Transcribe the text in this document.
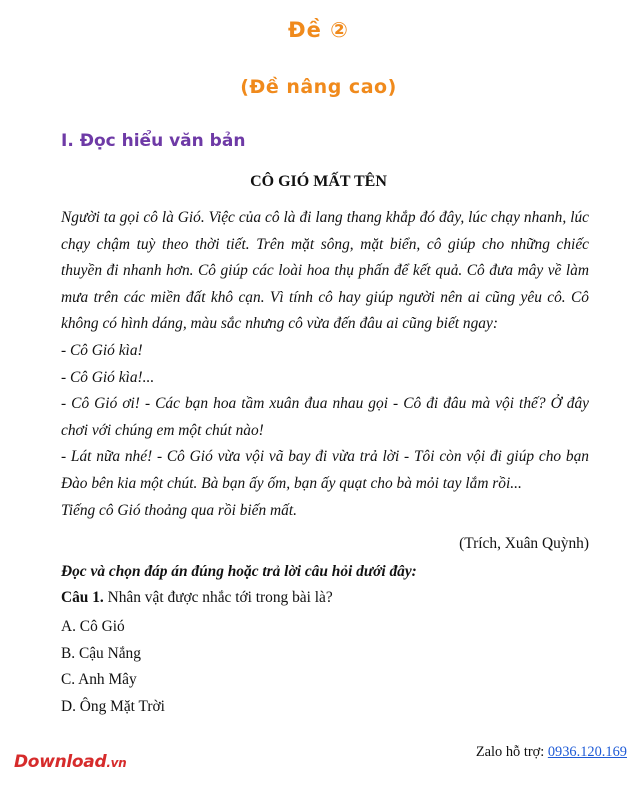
Đề ②
(Đề nâng cao)
I. Đọc hiểu văn bản
CÔ GIÓ MẤT TÊN

Người ta gọi cô là Gió. Việc của cô là đi lang thang khắp đó đây, lúc chạy nhanh, lúc chạy chậm tuỳ theo thời tiết. Trên mặt sông, mặt biển, cô giúp cho những chiếc thuyền đi nhanh hơn. Cô giúp các loài hoa thụ phấn để kết quả. Cô đưa mây về làm mưa trên các miền đất khô cạn. Vì tính cô hay giúp người nên ai cũng yêu cô. Cô không có hình dáng, màu sắc nhưng cô vừa đến đâu ai cũng biết ngay:

- Cô Gió kìa!

- Cô Gió kìa!...

- Cô Gió ơi! - Các bạn hoa tầm xuân đua nhau gọi - Cô đi đâu mà vội thế? Ở đây chơi với chúng em một chút nào!

- Lát nữa nhé! - Cô Gió vừa vội vã bay đi vừa trả lời - Tôi còn vội đi giúp cho bạn Đào bên kia một chút. Bà bạn ấy ốm, bạn ấy quạt cho bà mỏi tay lắm rồi...

Tiếng cô Gió thoảng qua rồi biến mất.

(Trích, Xuân Quỳnh)
Đọc và chọn đáp án đúng hoặc trả lời câu hỏi dưới đây:
Câu 1. Nhân vật được nhắc tới trong bài là?
A. Cô Gió
B. Cậu Nắng
C. Anh Mây
D. Ông Mặt Trời
Download.vn
Zalo hỗ trợ: 0936.120.169
